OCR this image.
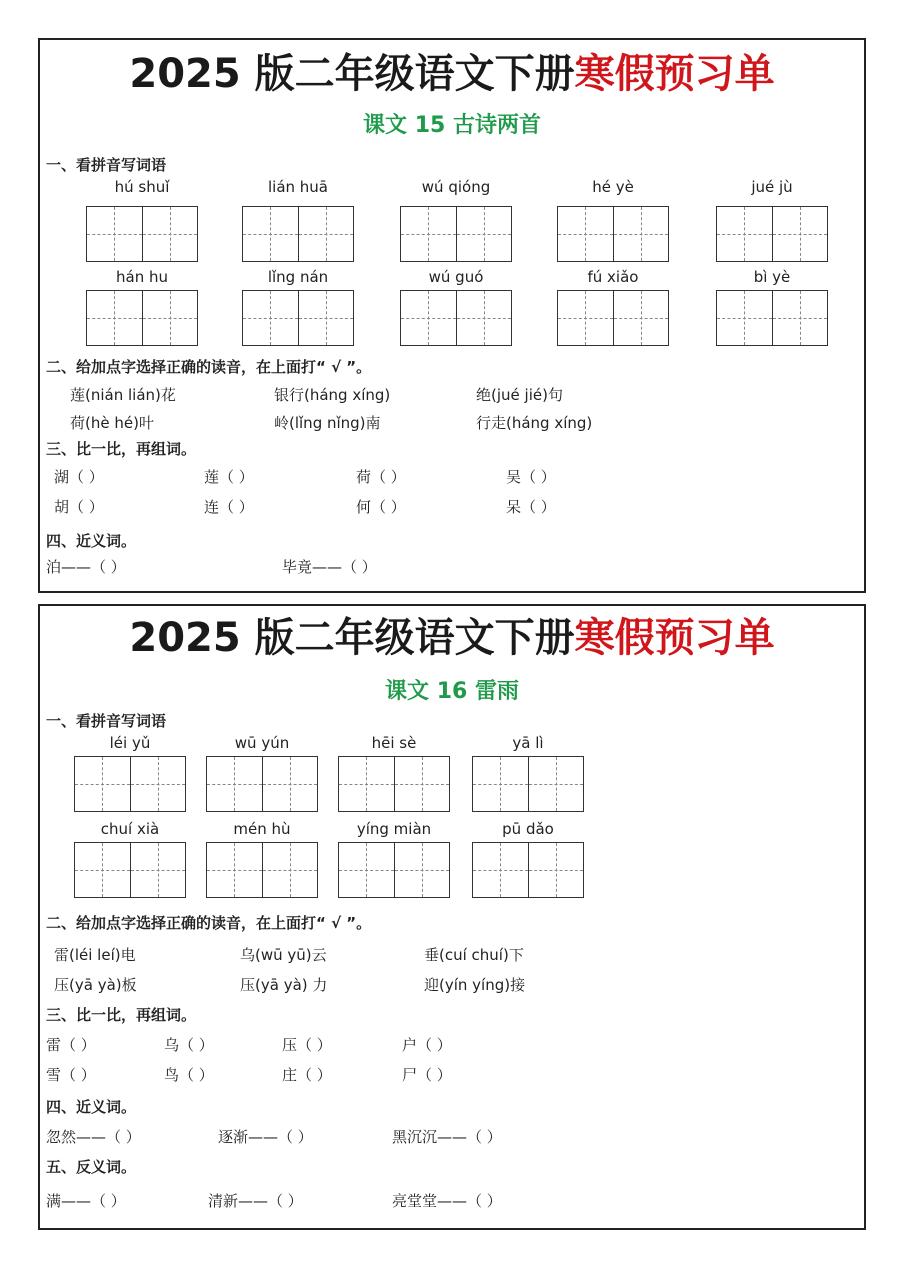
2025 版二年级语文下册寒假预习单
课文 15 古诗两首
一、看拼音写词语
hú shuǐ	lián huā	wú qióng	hé yè	jué jù
hán hu	lǐng nán	wú guó	fú xiǎo	bì yè
二、给加点字选择正确的读音，在上面打“ √ ”。
莲(nián lián)花	银行(háng xíng)	绝(jué jié)句
荷(hè hé)叶	岭(lǐng nǐng)南	行走(háng xíng)
三、比一比，再组词。
湖（ ）	莲（ ）	荷（ ）	吴（ ）
胡（ ）	连（ ）	何（ ）	呆（ ）
四、近义词。
泊——（ ）	毕竟——（ ）
2025 版二年级语文下册寒假预习单
课文 16 雷雨
一、看拼音写词语
léi yǔ	wū yún	hēi sè	yā lì
chuí xià	mén hù	yíng miàn	pū dǎo
二、给加点字选择正确的读音，在上面打“ √ ”。
雷(léi leí)电	乌(wū yū)云	垂(cuí chuí)下
压(yā yà)板	压(yā yà) 力	迎(yín yíng)接
三、比一比，再组词。
雷（ ）	乌（ ）	压（ ）	户（ ）
雪（ ）	鸟（ ）	庄（ ）	尸（ ）
四、近义词。
忽然——（ ）	逐渐——（ ）	黑沉沉——（ ）
五、反义词。
满——（ ）	清新——（ ）	亮堂堂——（ ）
